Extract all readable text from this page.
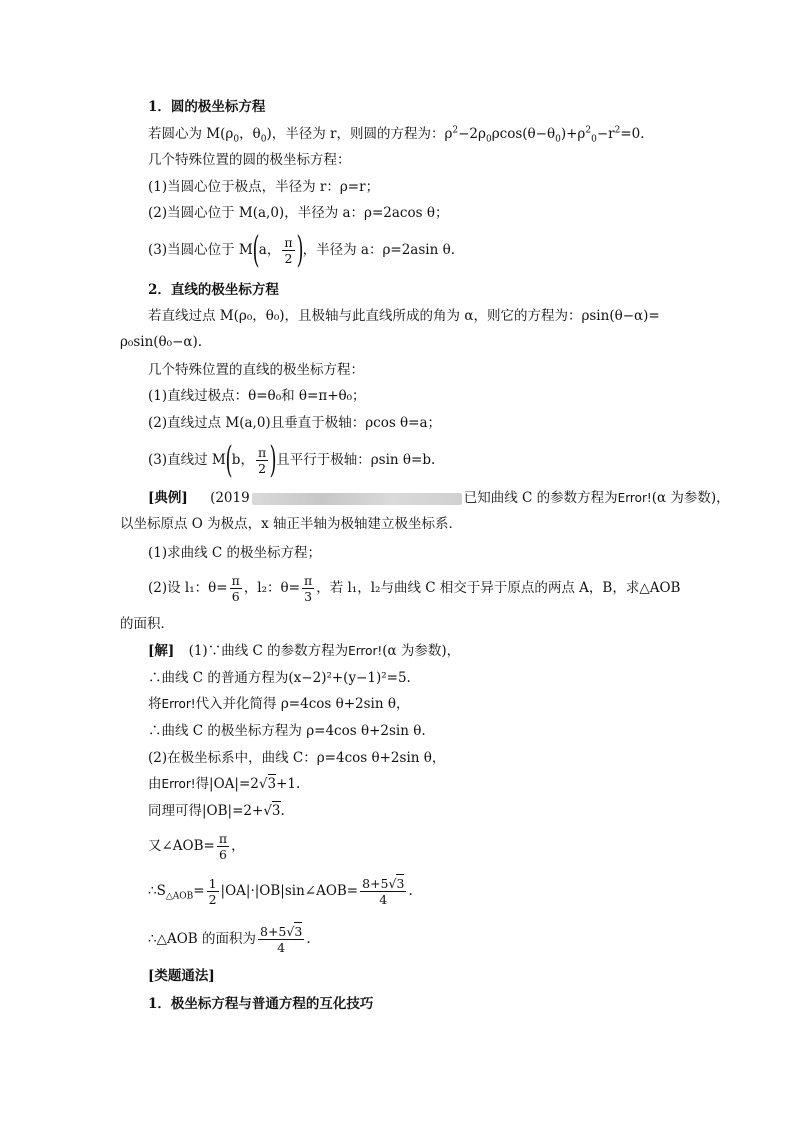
1．圆的极坐标方程
若圆心为 $M(\rho_0$，$\theta_0$)，半径为 r，则圆的方程为：$\rho^2-2\rho_0\rho\cos(\theta-\theta_0)+\rho^2_0-r^2=0$.
几个特殊位置的圆的极坐标方程：
(1)当圆心位于极点，半径为 r：ρ=r；
(2)当圆心位于 M(a,0)，半径为 a：ρ=2acos θ；
(3)当圆心位于 M(a， $\frac{\pi}{2}$ )，半径为 a：ρ=2asin θ.
2．直线的极坐标方程
若直线过点 M(ρ₀，θ₀)，且极轴与此直线所成的角为 α，则它的方程为：ρsin(θ−α)=
ρ₀sin(θ₀−α).
几个特殊位置的直线的极坐标方程：
(1)直线过极点：θ=θ₀和 θ=π+θ₀；
(2)直线过点 M(a,0)且垂直于极轴：ρcos θ=a；
(3)直线过 M(b， $\frac{\pi}{2}$ )且平行于极轴：ρsin θ=b.
[典例] (2019	已知曲线 C 的参数方程为Error!(α 为参数)，
以坐标原点 O 为极点，x 轴正半轴为极轴建立极坐标系．
(1)求曲线 C 的极坐标方程；
(2)设 l₁：$\theta= \frac{\pi}{6}$ ，l₂：$\theta= \frac{\pi}{3}$ ，若 l₁，l₂与曲线 C 相交于异于原点的两点 A，B，求△AOB
的面积．
[解] (1)∵曲线 C 的参数方程为Error!(α 为参数)，
∴曲线 C 的普通方程为(x−2)²+(y−1)²=5.
将Error!代入并化简得 ρ=4cos θ+2sin θ，
∴曲线 C 的极坐标方程为 ρ=4cos θ+2sin θ.
(2)在极坐标系中，曲线 C：ρ=4cos θ+2sin θ，
由Error!得|OA|=2√3+1.
同理可得|OB|=2+√3.
又∠AOB= $\frac{\pi}{6}$ ，
$\therefore S_{\triangle AOB}= \frac{1}{2}$ |OA|·|OB|sin∠AOB= $\frac{8+5√3}{4}$ .
∴△AOB 的面积为 $\frac{8+5√3}{4}$ .
[类题通法]
1．极坐标方程与普通方程的互化技巧
